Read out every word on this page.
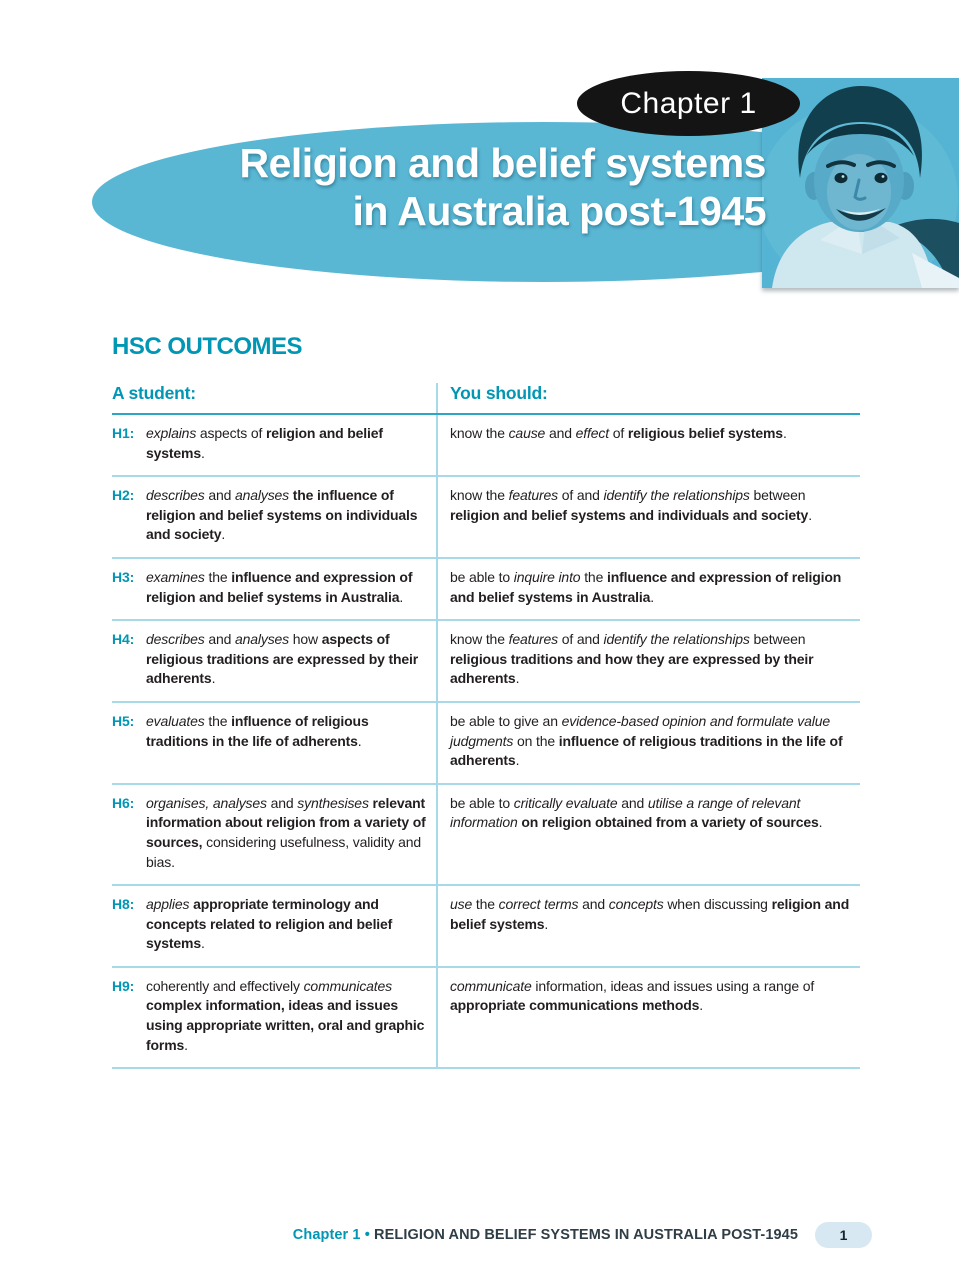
Chapter 1
Religion and belief systems
in Australia post-1945
HSC OUTCOMES
A student:	You should:

H1: explains aspects of religion and belief systems.	know the cause and effect of religious belief systems.

H2: describes and analyses the influence of religion and belief systems on individuals and society.	know the features of and identify the relationships between religion and belief systems and individuals and society.

H3: examines the influence and expression of religion and belief systems in Australia.	be able to inquire into the influence and expression of religion and belief systems in Australia.

H4: describes and analyses how aspects of religious traditions are expressed by their adherents.	know the features of and identify the relationships between religious traditions and how they are expressed by their adherents.

H5: evaluates the influence of religious traditions in the life of adherents.	be able to give an evidence-based opinion and formulate value judgments on the influence of religious traditions in the life of adherents.

H6: organises, analyses and synthesises relevant information about religion from a variety of sources, considering usefulness, validity and bias.	be able to critically evaluate and utilise a range of relevant information on religion obtained from a variety of sources.

H8: applies appropriate terminology and concepts related to religion and belief systems.	use the correct terms and concepts when discussing religion and belief systems.

H9: coherently and effectively communicates complex information, ideas and issues using appropriate written, oral and graphic forms.	communicate information, ideas and issues using a range of appropriate communications methods.
Chapter 1 • RELIGION AND BELIEF SYSTEMS IN AUSTRALIA POST-1945	1
